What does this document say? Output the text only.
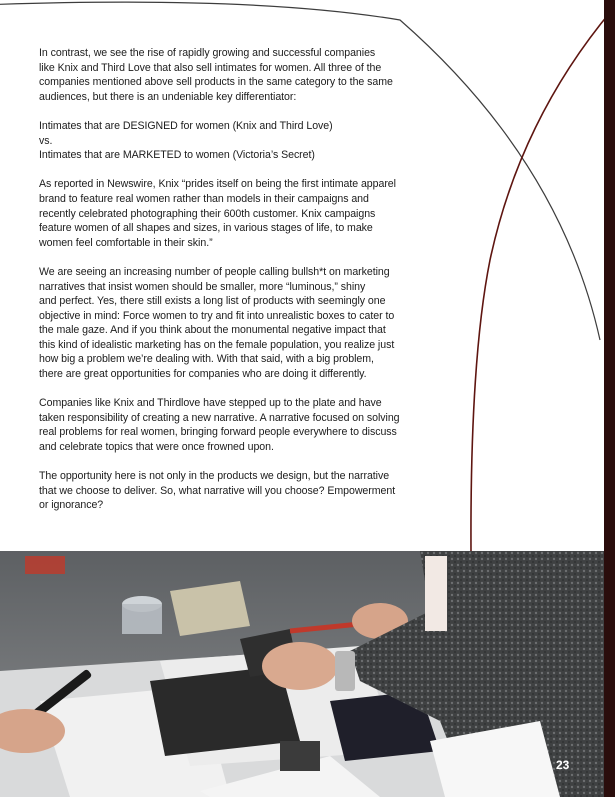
In contrast, we see the rise of rapidly growing and successful companies
like Knix and Third Love that also sell intimates for women. All three of the
companies mentioned above sell products in the same category to the same
audiences, but there is an undeniable key differentiator:

Intimates that are DESIGNED for women (Knix and Third Love)
vs.
Intimates that are MARKETED to women (Victoria’s Secret)

As reported in Newswire, Knix “prides itself on being the first intimate apparel
brand to feature real women rather than models in their campaigns and
recently celebrated photographing their 600th customer. Knix campaigns
feature women of all shapes and sizes, in various stages of life, to make
women feel comfortable in their skin.”

We are seeing an increasing number of people calling bullsh*t on marketing
narratives that insist women should be smaller, more “luminous,” shiny
and perfect. Yes, there still exists a long list of products with seemingly one
objective in mind: Force women to try and fit into unrealistic boxes to cater to
the male gaze. And if you think about the monumental negative impact that
this kind of idealistic marketing has on the female population, you realize just
how big a problem we’re dealing with. With that said, with a big problem,
there are great opportunities for companies who are doing it differently.

Companies like Knix and Thirdlove have stepped up to the plate and have
taken responsibility of creating a new narrative. A narrative focused on solving
real problems for real women, bringing forward people everywhere to discuss
and celebrate topics that were once frowned upon.

The opportunity here is not only in the products we design, but the narrative
that we choose to deliver. So, what narrative will you choose? Empowerment
or ignorance?

23
